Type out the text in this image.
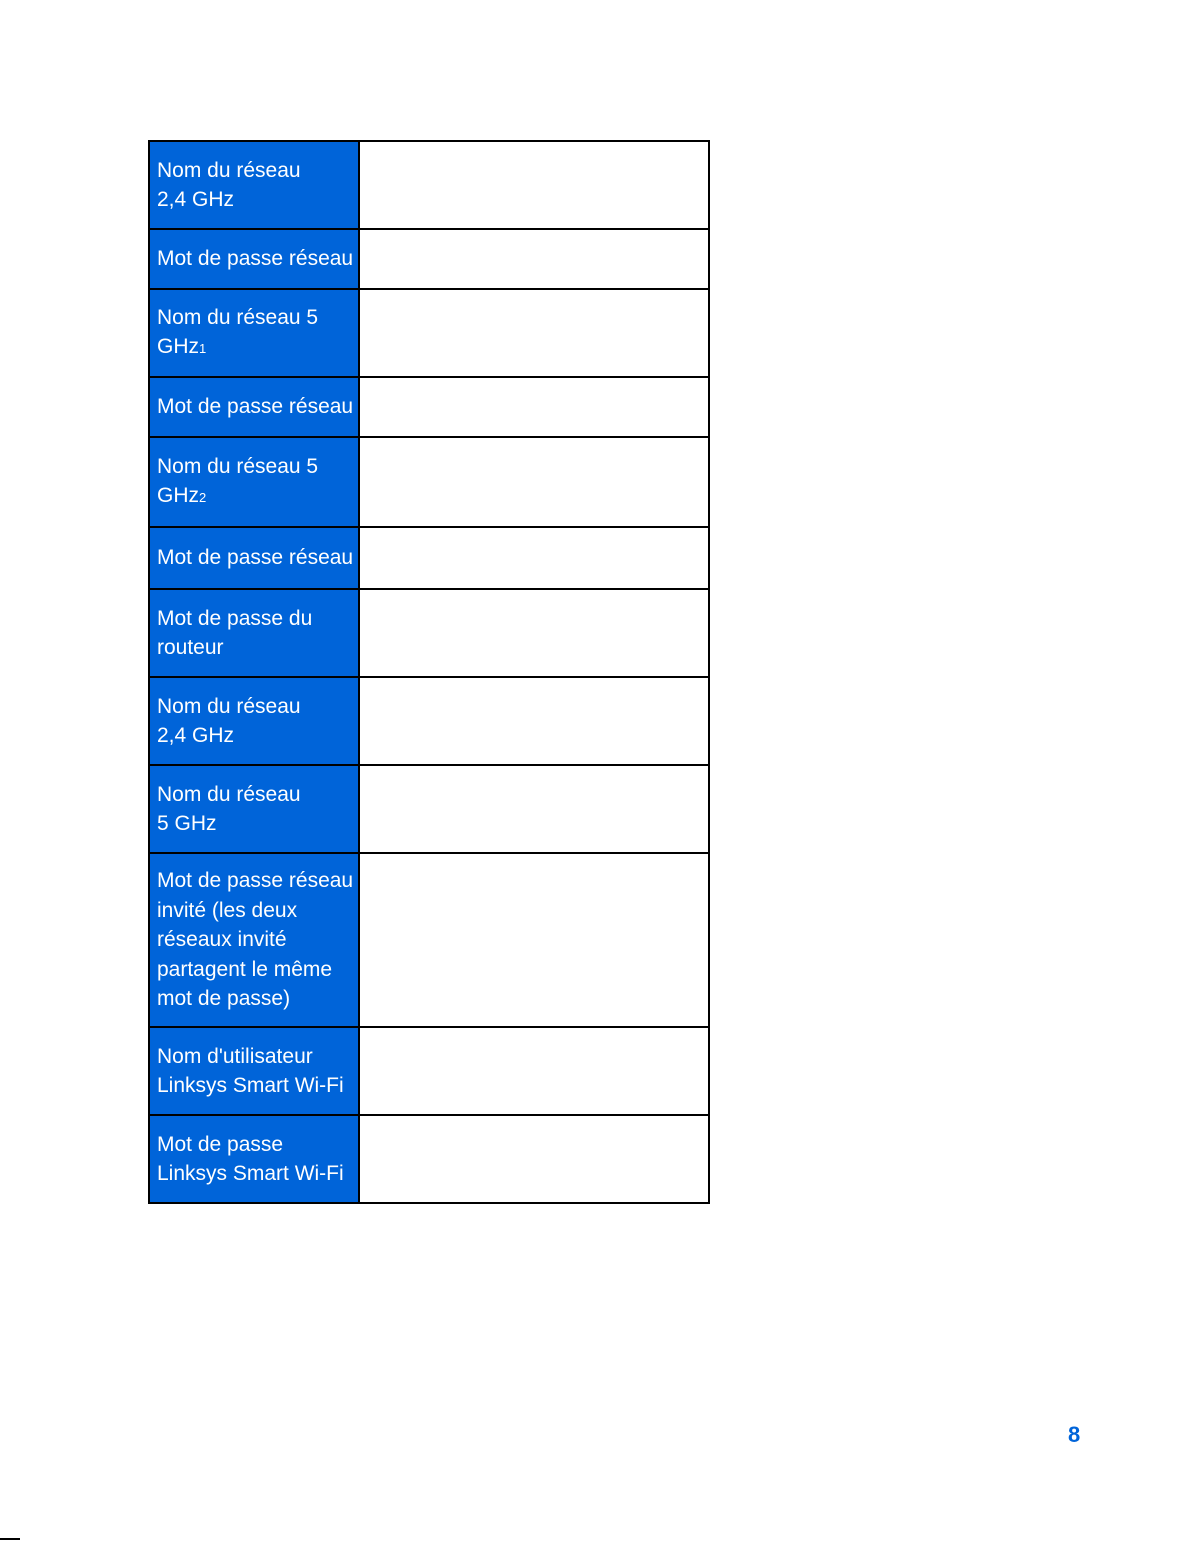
Nom du réseau
2,4 GHz	

Mot de passe réseau	

Nom du réseau 5
GHz1	

Mot de passe réseau	

Nom du réseau 5
GHz2	

Mot de passe réseau	

Mot de passe du
routeur	

Nom du réseau
2,4 GHz	

Nom du réseau
5 GHz	

Mot de passe réseau
invité (les deux
réseaux invité
partagent le même
mot de passe)	

Nom d'utilisateur
Linksys Smart Wi-Fi	

Mot de passe
Linksys Smart Wi-Fi	

8
